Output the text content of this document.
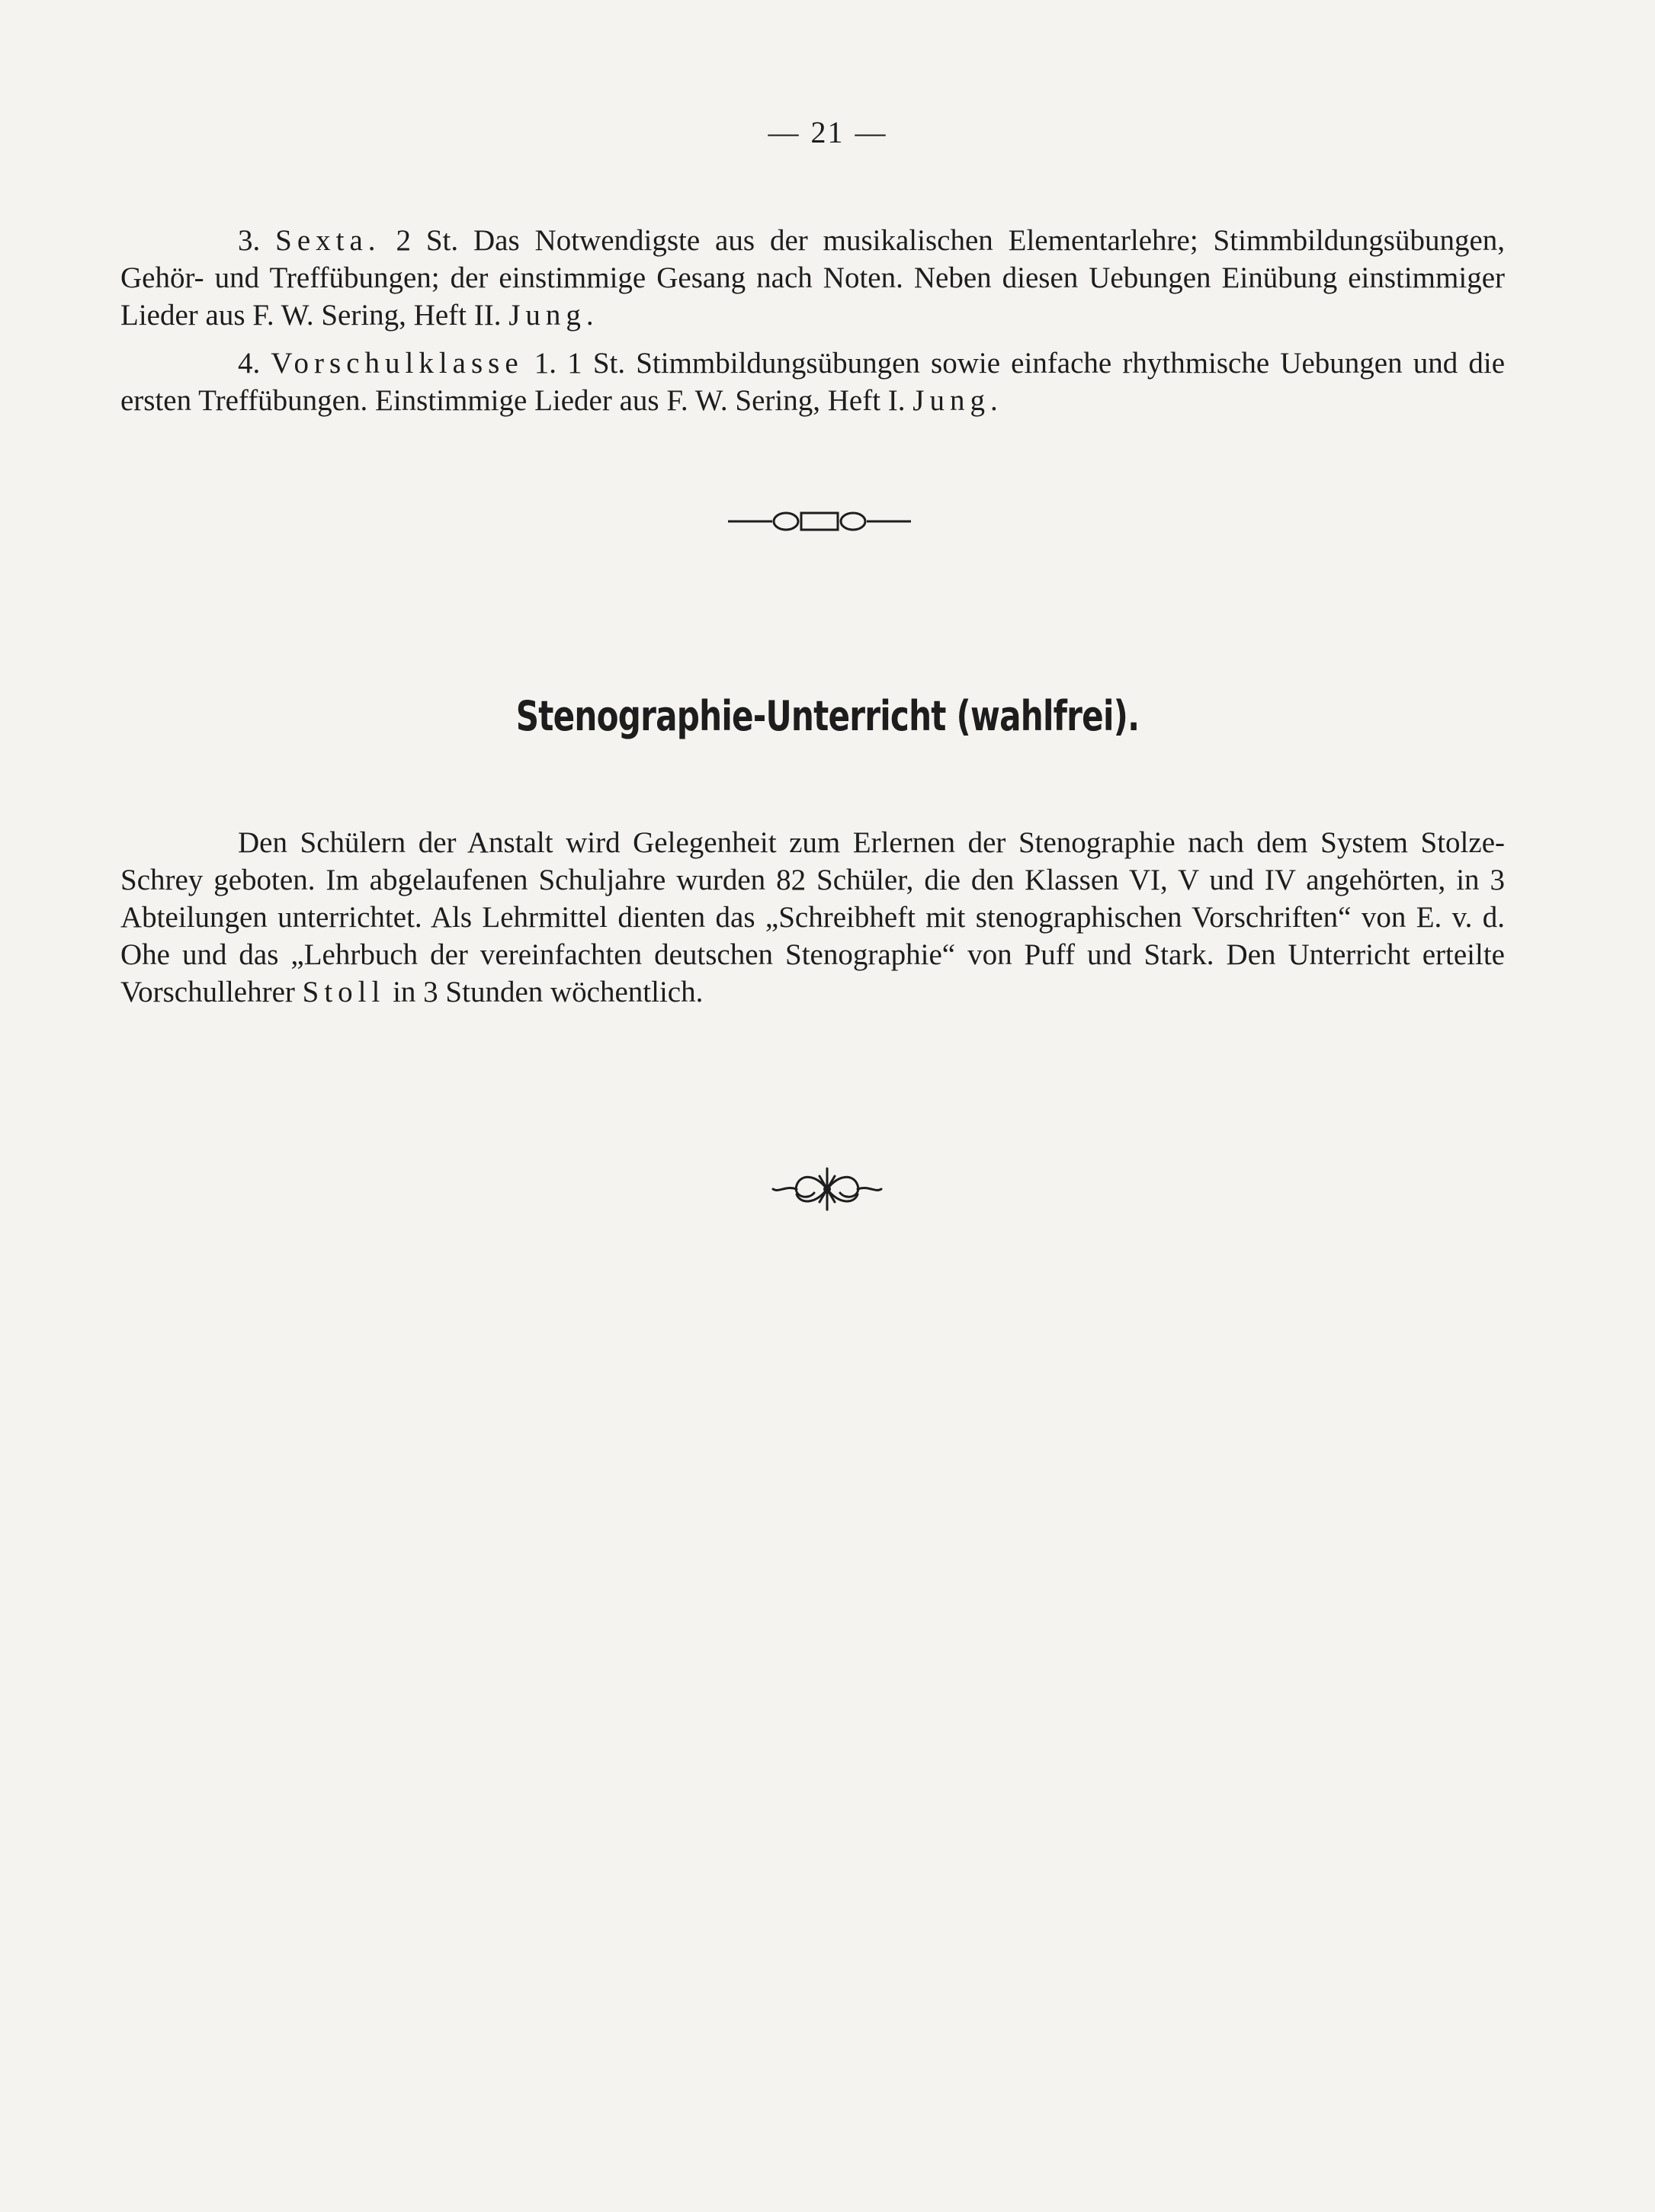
— 21 —

3. Sexta. 2 St. Das Notwendigste aus der musikalischen Elementarlehre; Stimmbildungsübungen, Gehör- und Treffübungen; der einstimmige Gesang nach Noten. Neben diesen Uebungen Einübung einstimmiger Lieder aus F. W. Sering, Heft II. Jung.

4. Vorschulklasse 1. 1 St. Stimmbildungsübungen sowie einfache rhythmische Uebungen und die ersten Treffübungen. Einstimmige Lieder aus F. W. Sering, Heft I. Jung.

Stenographie-Unterricht (wahlfrei).

Den Schülern der Anstalt wird Gelegenheit zum Erlernen der Stenographie nach dem System Stolze-Schrey geboten. Im abgelaufenen Schuljahre wurden 82 Schüler, die den Klassen VI, V und IV angehörten, in 3 Abteilungen unterrichtet. Als Lehrmittel dienten das „Schreibheft mit stenographischen Vorschriften“ von E. v. d. Ohe und das „Lehrbuch der vereinfachten deutschen Stenographie“ von Puff und Stark. Den Unterricht erteilte Vorschullehrer Stoll in 3 Stunden wöchentlich.
